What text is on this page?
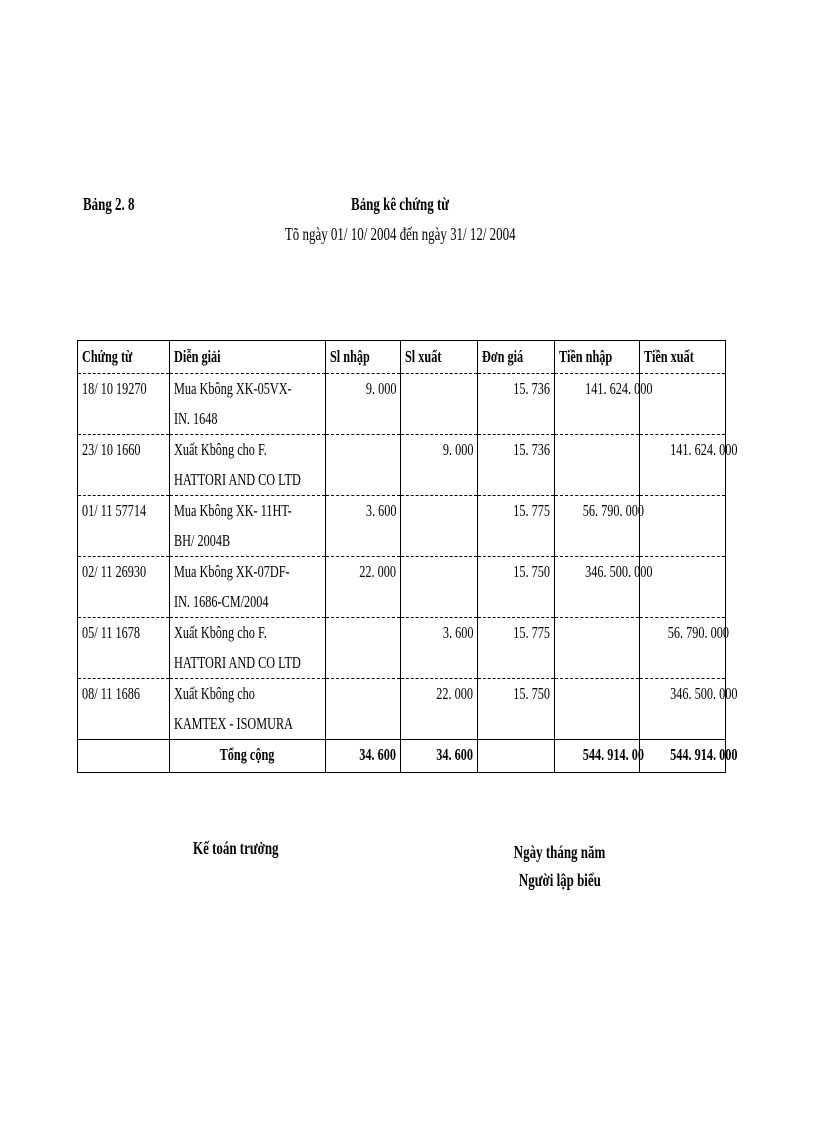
Bảng 2. 8	Bảng kê chứng từ
Tõ ngày 01/ 10/ 2004 đến ngày 31/ 12/ 2004
Chứng từ	Diễn giải	Sl nhập	Sl xuất	Đơn giá	Tiền nhập	Tiền xuất
18/ 10 19270	Mua Kbông XK-05VX-
IN. 1648	9. 000		15. 736	141. 624. 000	
23/ 10 1660	Xuất Kbông cho F.
HATTORI AND CO LTD		9. 000	15. 736		141. 624. 000
01/ 11 57714	Mua Kbông XK- 11HT-
BH/ 2004B	3. 600		15. 775	56. 790. 000	
02/ 11 26930	Mua Kbông XK-07DF-
IN. 1686-CM/2004	22. 000		15. 750	346. 500. 000	
05/ 11 1678	Xuất Kbông cho F.
HATTORI AND CO LTD		3. 600	15. 775		56. 790. 000
08/ 11 1686	Xuất Kbông cho
KAMTEX - ISOMURA		22. 000	15. 750		346. 500. 000
	Tổng cộng	34. 600	34. 600		544. 914. 00	544. 914. 000
Kế toán trưởng	Ngày tháng năm
Người lập biểu
